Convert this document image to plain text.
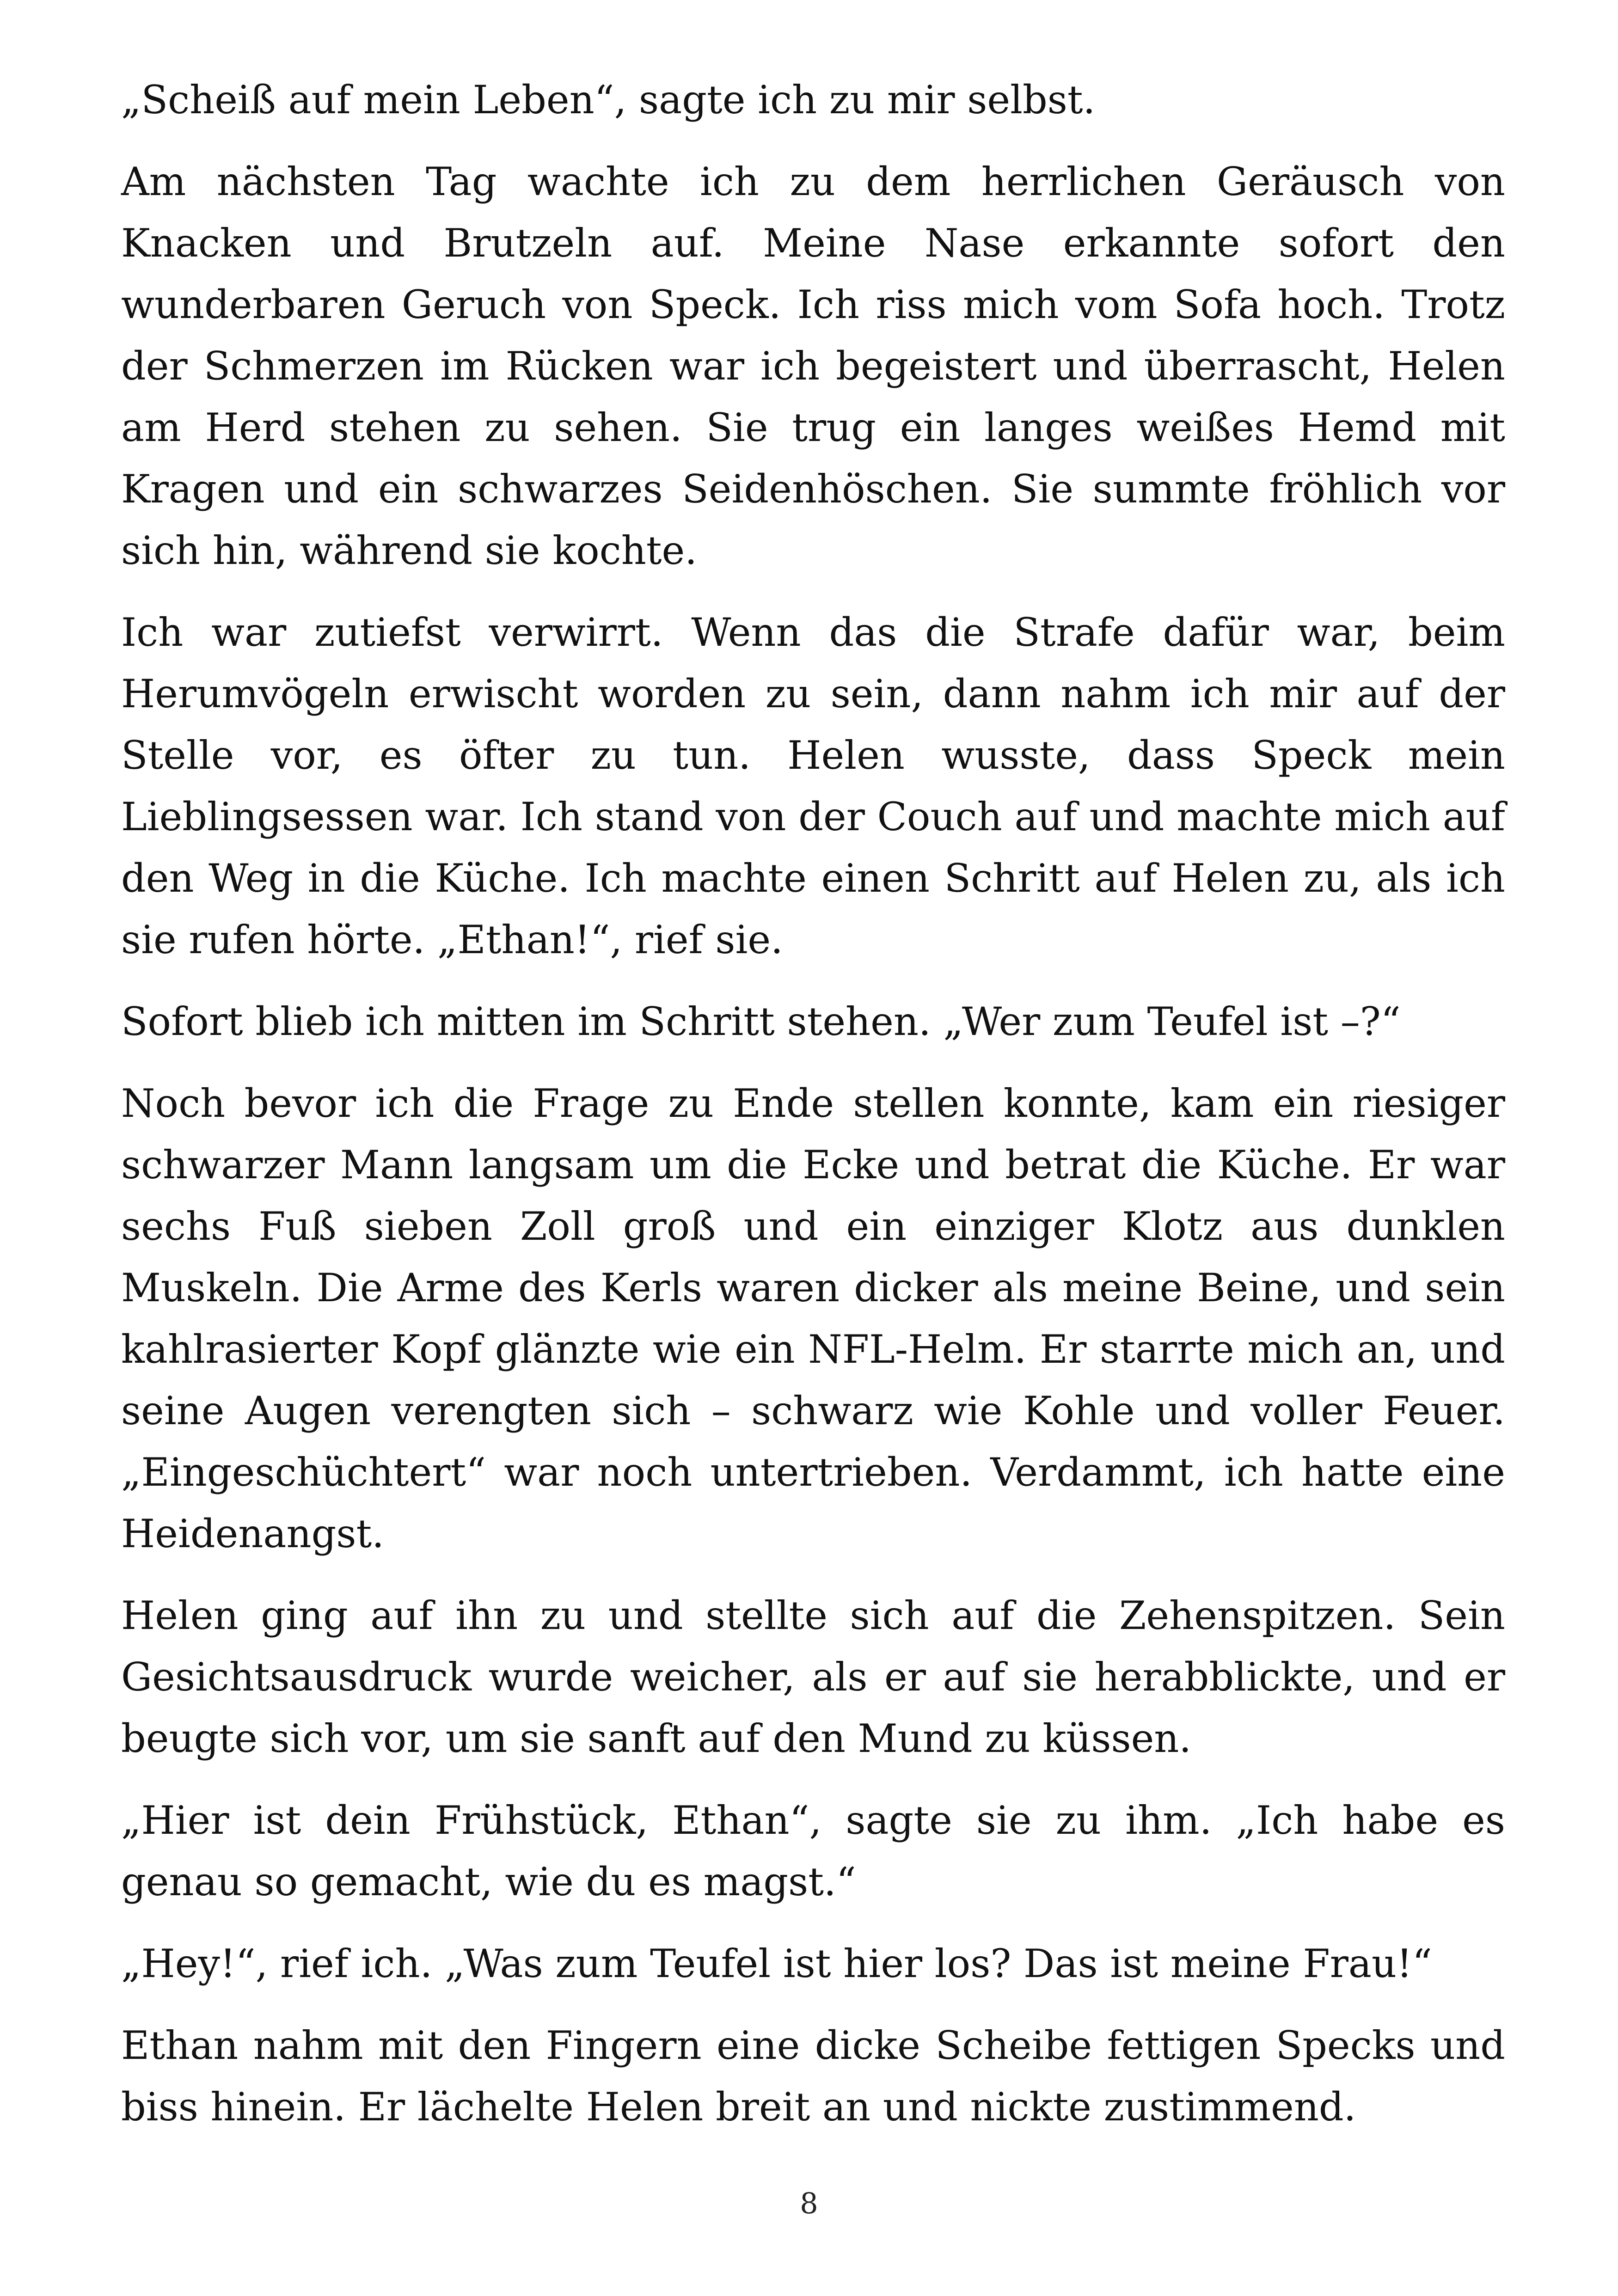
„Scheiß auf mein Leben“, sagte ich zu mir selbst.

Am nächsten Tag wachte ich zu dem herrlichen Geräusch von Knacken und Brutzeln auf. Meine Nase erkannte sofort den wunderbaren Geruch von Speck. Ich riss mich vom Sofa hoch. Trotz der Schmerzen im Rücken war ich begeistert und überrascht, Helen am Herd stehen zu sehen. Sie trug ein langes weißes Hemd mit Kragen und ein schwarzes Seidenhöschen. Sie summte fröhlich vor sich hin, während sie kochte.

Ich war zutiefst verwirrt. Wenn das die Strafe dafür war, beim Herumvögeln erwischt worden zu sein, dann nahm ich mir auf der Stelle vor, es öfter zu tun. Helen wusste, dass Speck mein Lieblingsessen war. Ich stand von der Couch auf und machte mich auf den Weg in die Küche. Ich machte einen Schritt auf Helen zu, als ich sie rufen hörte. „Ethan!“, rief sie.

Sofort blieb ich mitten im Schritt stehen. „Wer zum Teufel ist –?“

Noch bevor ich die Frage zu Ende stellen konnte, kam ein riesiger schwarzer Mann langsam um die Ecke und betrat die Küche. Er war sechs Fuß sieben Zoll groß und ein einziger Klotz aus dunklen Muskeln. Die Arme des Kerls waren dicker als meine Beine, und sein kahlrasierter Kopf glänzte wie ein NFL-Helm. Er starrte mich an, und seine Augen verengten sich – schwarz wie Kohle und voller Feuer. „Eingeschüchtert“ war noch untertrieben. Verdammt, ich hatte eine Heidenangst.

Helen ging auf ihn zu und stellte sich auf die Zehenspitzen. Sein Gesichtsausdruck wurde weicher, als er auf sie herabblickte, und er beugte sich vor, um sie sanft auf den Mund zu küssen.

„Hier ist dein Frühstück, Ethan“, sagte sie zu ihm. „Ich habe es genau so gemacht, wie du es magst.“

„Hey!“, rief ich. „Was zum Teufel ist hier los? Das ist meine Frau!“

Ethan nahm mit den Fingern eine dicke Scheibe fettigen Specks und biss hinein. Er lächelte Helen breit an und nickte zustimmend.

8
